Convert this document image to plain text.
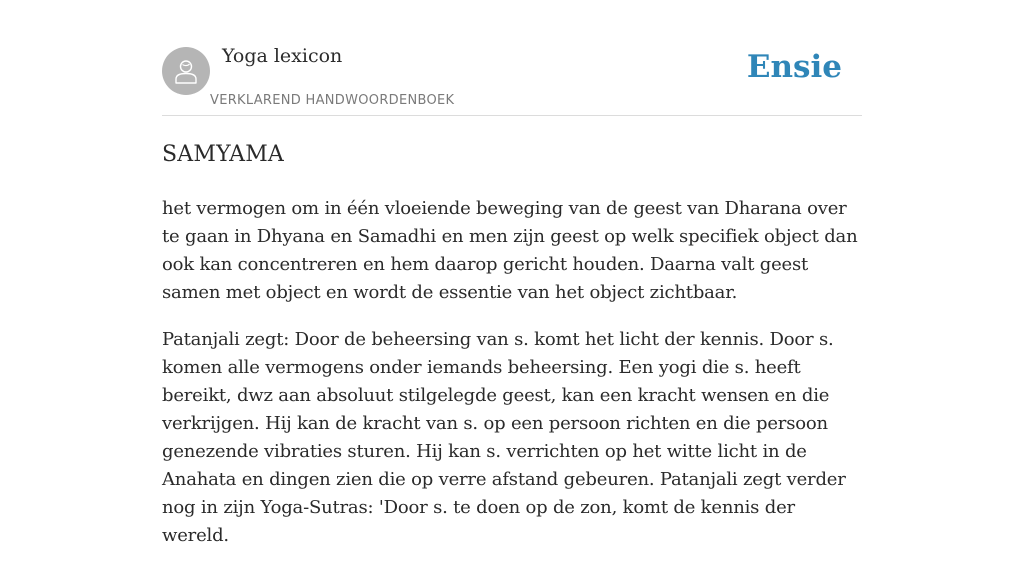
Yoga lexicon
VERKLAREND HANDWOORDENBOEK
Ensie
SAMYAMA

het vermogen om in één vloeiende beweging van de geest van Dharana over te gaan in Dhyana en Samadhi en men zijn geest op welk specifiek object dan ook kan concentreren en hem daarop gericht houden. Daarna valt geest samen met object en wordt de essentie van het object zichtbaar.

Patanjali zegt: Door de beheersing van s. komt het licht der kennis. Door s. komen alle vermogens onder iemands beheersing. Een yogi die s. heeft bereikt, dwz aan absoluut stilgelegde geest, kan een kracht wensen en die verkrijgen. Hij kan de kracht van s. op een persoon richten en die persoon genezende vibraties sturen. Hij kan s. verrichten op het witte licht in de Anahata en dingen zien die op verre afstand gebeuren. Patanjali zegt verder nog in zijn Yoga-Sutras: 'Door s. te doen op de zon, komt de kennis der wereld.
